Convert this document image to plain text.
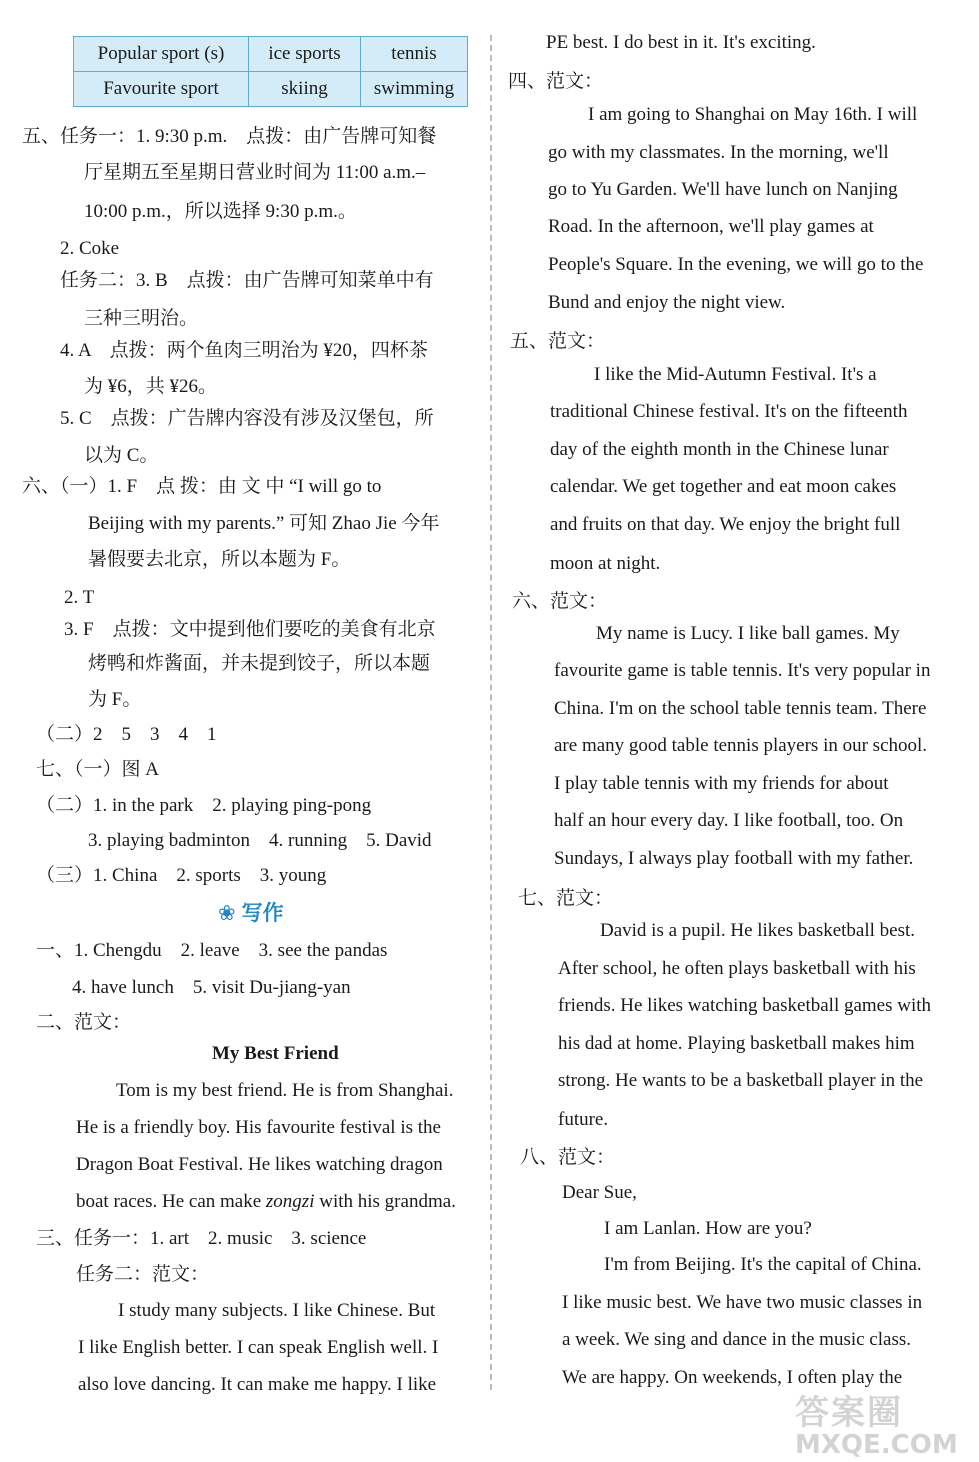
Popular sport (s)	ice sports	tennis
Favourite sport	skiing	swimming
五、任务一：1. 9:30 p.m.　点拨：由广告牌可知餐
厅星期五至星期日营业时间为 11:00 a.m.–
10:00 p.m.，所以选择 9:30 p.m.。
2. Coke
任务二：3. B　点拨：由广告牌可知菜单中有
三种三明治。
4. A　点拨：两个鱼肉三明治为 ¥20，四杯茶
为 ¥6，共 ¥26。
5. C　点拨：广告牌内容没有涉及汉堡包，所
以为 C。
六、（一）1. F　点 拨：由 文 中 “I will go to
Beijing with my parents.” 可知 Zhao Jie 今年
暑假要去北京，所以本题为 F。
2. T
3. F　点拨：文中提到他们要吃的美食有北京
烤鸭和炸酱面，并未提到饺子，所以本题
为 F。
（二）2　5　3　4　1
七、（一）图 A
（二）1. in the park　2. playing ping-pong
3. playing badminton　4. running　5. David
（三）1. China　2. sports　3. young
❀ 写作
一、1. Chengdu　2. leave　3. see the pandas
4. have lunch　5. visit Du-jiang-yan
二、范文：
My Best Friend
Tom is my best friend. He is from Shanghai.
He is a friendly boy. His favourite festival is the
Dragon Boat Festival. He likes watching dragon
boat races. He can make zongzi with his grandma.
三、任务一：1. art　2. music　3. science
任务二：范文：
I study many subjects. I like Chinese. But
I like English better. I can speak English well. I
also love dancing. It can make me happy. I like
PE best. I do best in it. It's exciting.
四、范文：
I am going to Shanghai on May 16th. I will
go with my classmates. In the morning, we'll
go to Yu Garden. We'll have lunch on Nanjing
Road. In the afternoon, we'll play games at
People's Square. In the evening, we will go to the
Bund and enjoy the night view.
五、范文：
I like the Mid-Autumn Festival. It's a
traditional Chinese festival. It's on the fifteenth
day of the eighth month in the Chinese lunar
calendar. We get together and eat moon cakes
and fruits on that day. We enjoy the bright full
moon at night.
六、范文：
My name is Lucy. I like ball games. My
favourite game is table tennis. It's very popular in
China. I'm on the school table tennis team. There
are many good table tennis players in our school.
I play table tennis with my friends for about
half an hour every day. I like football, too. On
Sundays, I always play football with my father.
七、范文：
David is a pupil. He likes basketball best.
After school, he often plays basketball with his
friends. He likes watching basketball games with
his dad at home. Playing basketball makes him
strong. He wants to be a basketball player in the
future.
八、范文：
Dear Sue,
I am Lanlan. How are you?
I'm from Beijing. It's the capital of China.
I like music best. We have two music classes in
a week. We sing and dance in the music class.
We are happy. On weekends, I often play the
答案圈
MXQE.COM
